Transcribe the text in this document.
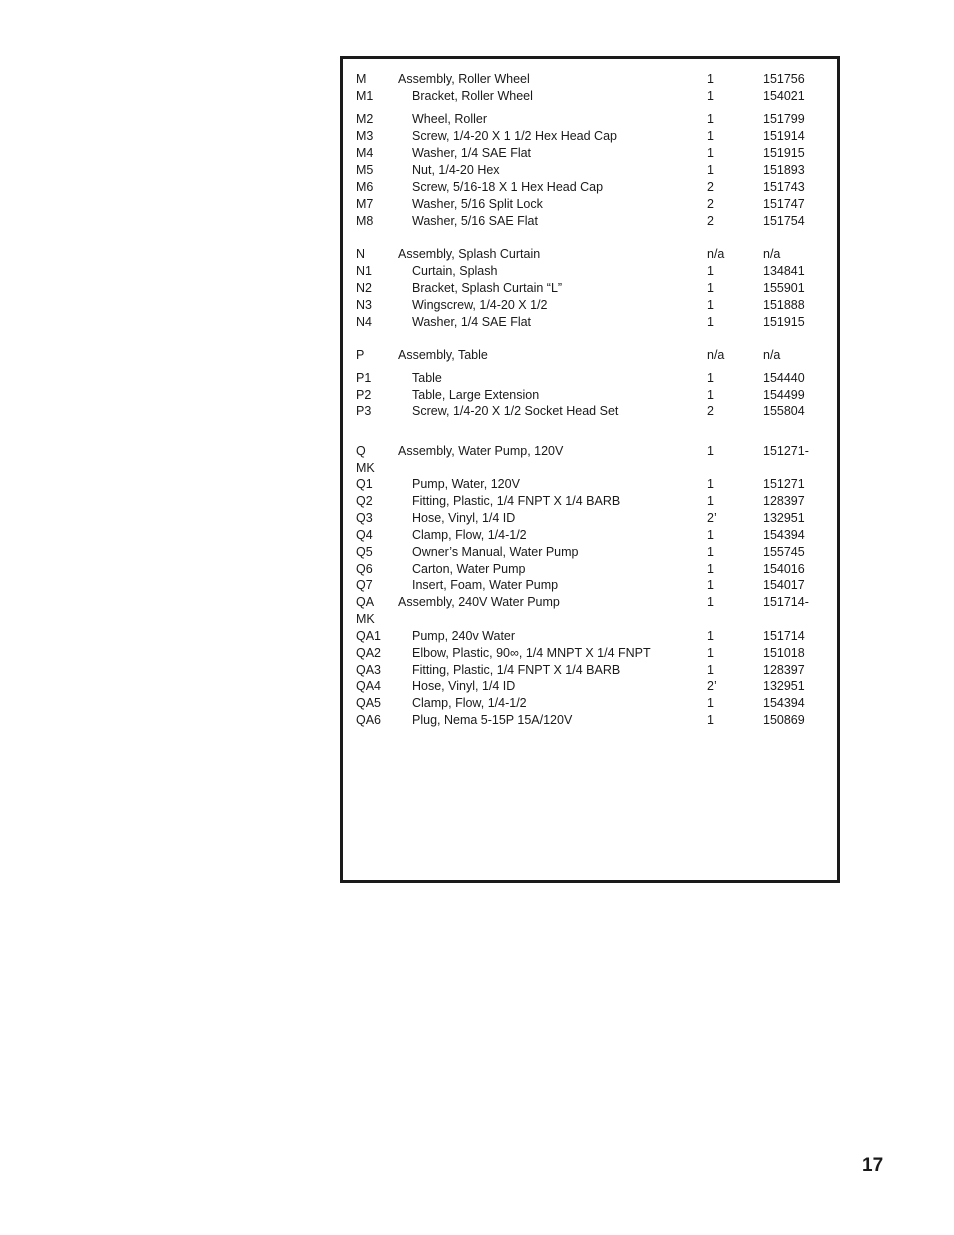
M	Assembly, Roller Wheel	1	151756
M1	Bracket, Roller Wheel	1	154021
M2	Wheel, Roller	1	151799
M3	Screw, 1/4-20 X 1 1/2 Hex Head Cap	1	151914
M4	Washer, 1/4 SAE Flat	1	151915
M5	Nut, 1/4-20 Hex	1	151893
M6	Screw, 5/16-18 X 1 Hex Head Cap	2	151743
M7	Washer, 5/16 Split Lock	2	151747
M8	Washer, 5/16 SAE Flat	2	151754
N	Assembly, Splash Curtain	n/a	n/a
N1	Curtain, Splash	1	134841
N2	Bracket, Splash Curtain “L”	1	155901
N3	Wingscrew, 1/4-20 X 1/2	1	151888
N4	Washer, 1/4 SAE Flat	1	151915
P	Assembly, Table	n/a	n/a
P1	Table	1	154440
P2	Table, Large Extension	1	154499
P3	Screw, 1/4-20 X 1/2 Socket Head Set	2	155804
Q	Assembly, Water Pump, 120V	1	151271-
MK
Q1	Pump, Water, 120V	1	151271
Q2	Fitting, Plastic, 1/4 FNPT X 1/4 BARB	1	128397
Q3	Hose, Vinyl, 1/4 ID	2’	132951
Q4	Clamp, Flow, 1/4-1/2	1	154394
Q5	Owner’s Manual, Water Pump	1	155745
Q6	Carton, Water Pump	1	154016
Q7	Insert, Foam, Water Pump	1	154017
QA Assembly, 240V Water Pump	1	151714-
MK
QA1 Pump, 240v Water	1	151714
QA2 Elbow, Plastic, 90∞, 1/4 MNPT X 1/4 FNPT	1	151018
QA3 Fitting, Plastic, 1/4 FNPT X 1/4 BARB	1	128397
QA4 Hose, Vinyl, 1/4 ID	2’	132951
QA5 Clamp, Flow, 1/4-1/2	1	154394
QA6 Plug, Nema 5-15P 15A/120V	1	150869
17
